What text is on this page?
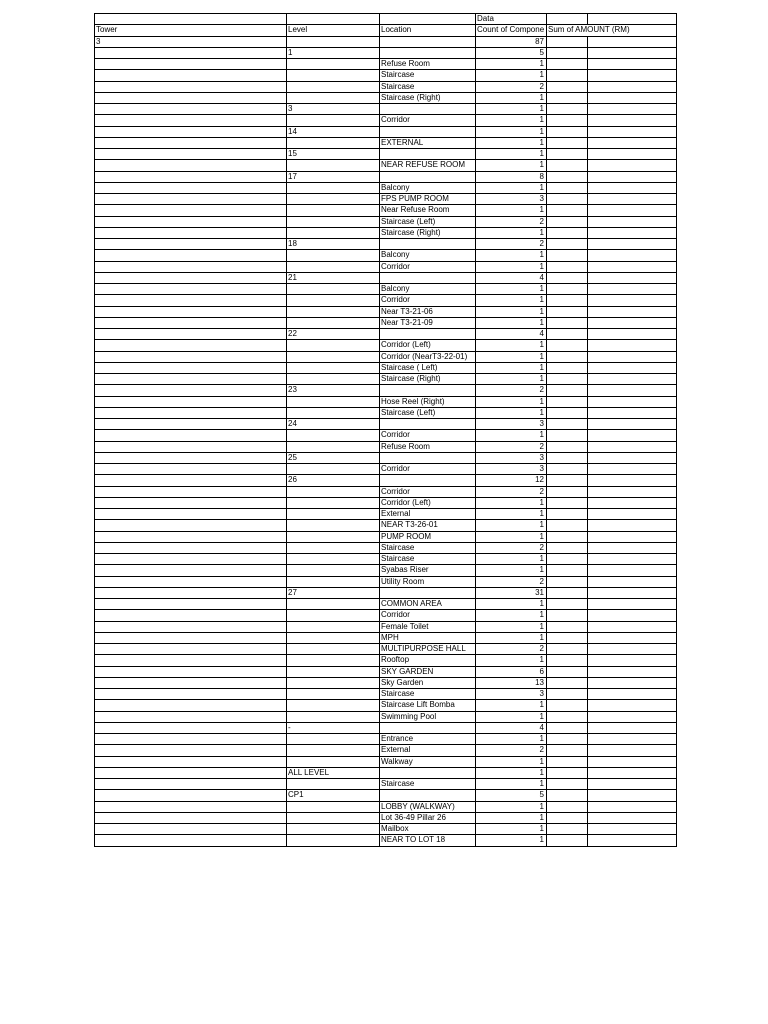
			Data		
Tower	Level	Location	Count of Compone	Sum of AMOUNT (RM)	
3			87		
	1		5		
		Refuse Room	1		
		Staircase	1		
		Staircase	2		
		Staircase (Right)	1		
	3		1		
		Corridor	1		
	14		1		
		EXTERNAL	1		
	15		1		
		NEAR REFUSE ROOM	1		
	17		8		
		Balcony	1		
		FPS PUMP ROOM	3		
		Near Refuse Room	1		
		Staircase (Left)	2		
		Staircase (Right)	1		
	18		2		
		Balcony	1		
		Corridor	1		
	21		4		
		Balcony	1		
		Corridor	1		
		Near T3-21-06	1		
		Near T3-21-09	1		
	22		4		
		Corridor (Left)	1		
		Corridor (NearT3-22-01)	1		
		Staircase ( Left)	1		
		Staircase (Right)	1		
	23		2		
		Hose Reel (Right)	1		
		Staircase (Left)	1		
	24		3		
		Corridor	1		
		Refuse Room	2		
	25		3		
		Corridor	3		
	26		12		
		Corridor	2		
		Corridor (Left)	1		
		External	1		
		NEAR T3-26-01	1		
		PUMP ROOM	1		
		Staircase	2		
		Staircase	1		
		Syabas Riser	1		
		Utility Room	2		
	27		31		
		COMMON AREA	1		
		Corridor	1		
		Female Toilet	1		
		MPH	1		
		MULTIPURPOSE HALL	2		
		Rooftop	1		
		SKY GARDEN	6		
		Sky Garden	13		
		Staircase	3		
		Staircase Lift Bomba	1		
		Swimming Pool	1		
	-		4		
		Entrance	1		
		External	2		
		Walkway	1		
	ALL LEVEL		1		
		Staircase	1		
	CP1		5		
		LOBBY (WALKWAY)	1		
		Lot 36-49 Pillar 26	1		
		Mailbox	1		
		NEAR TO LOT 18	1		
